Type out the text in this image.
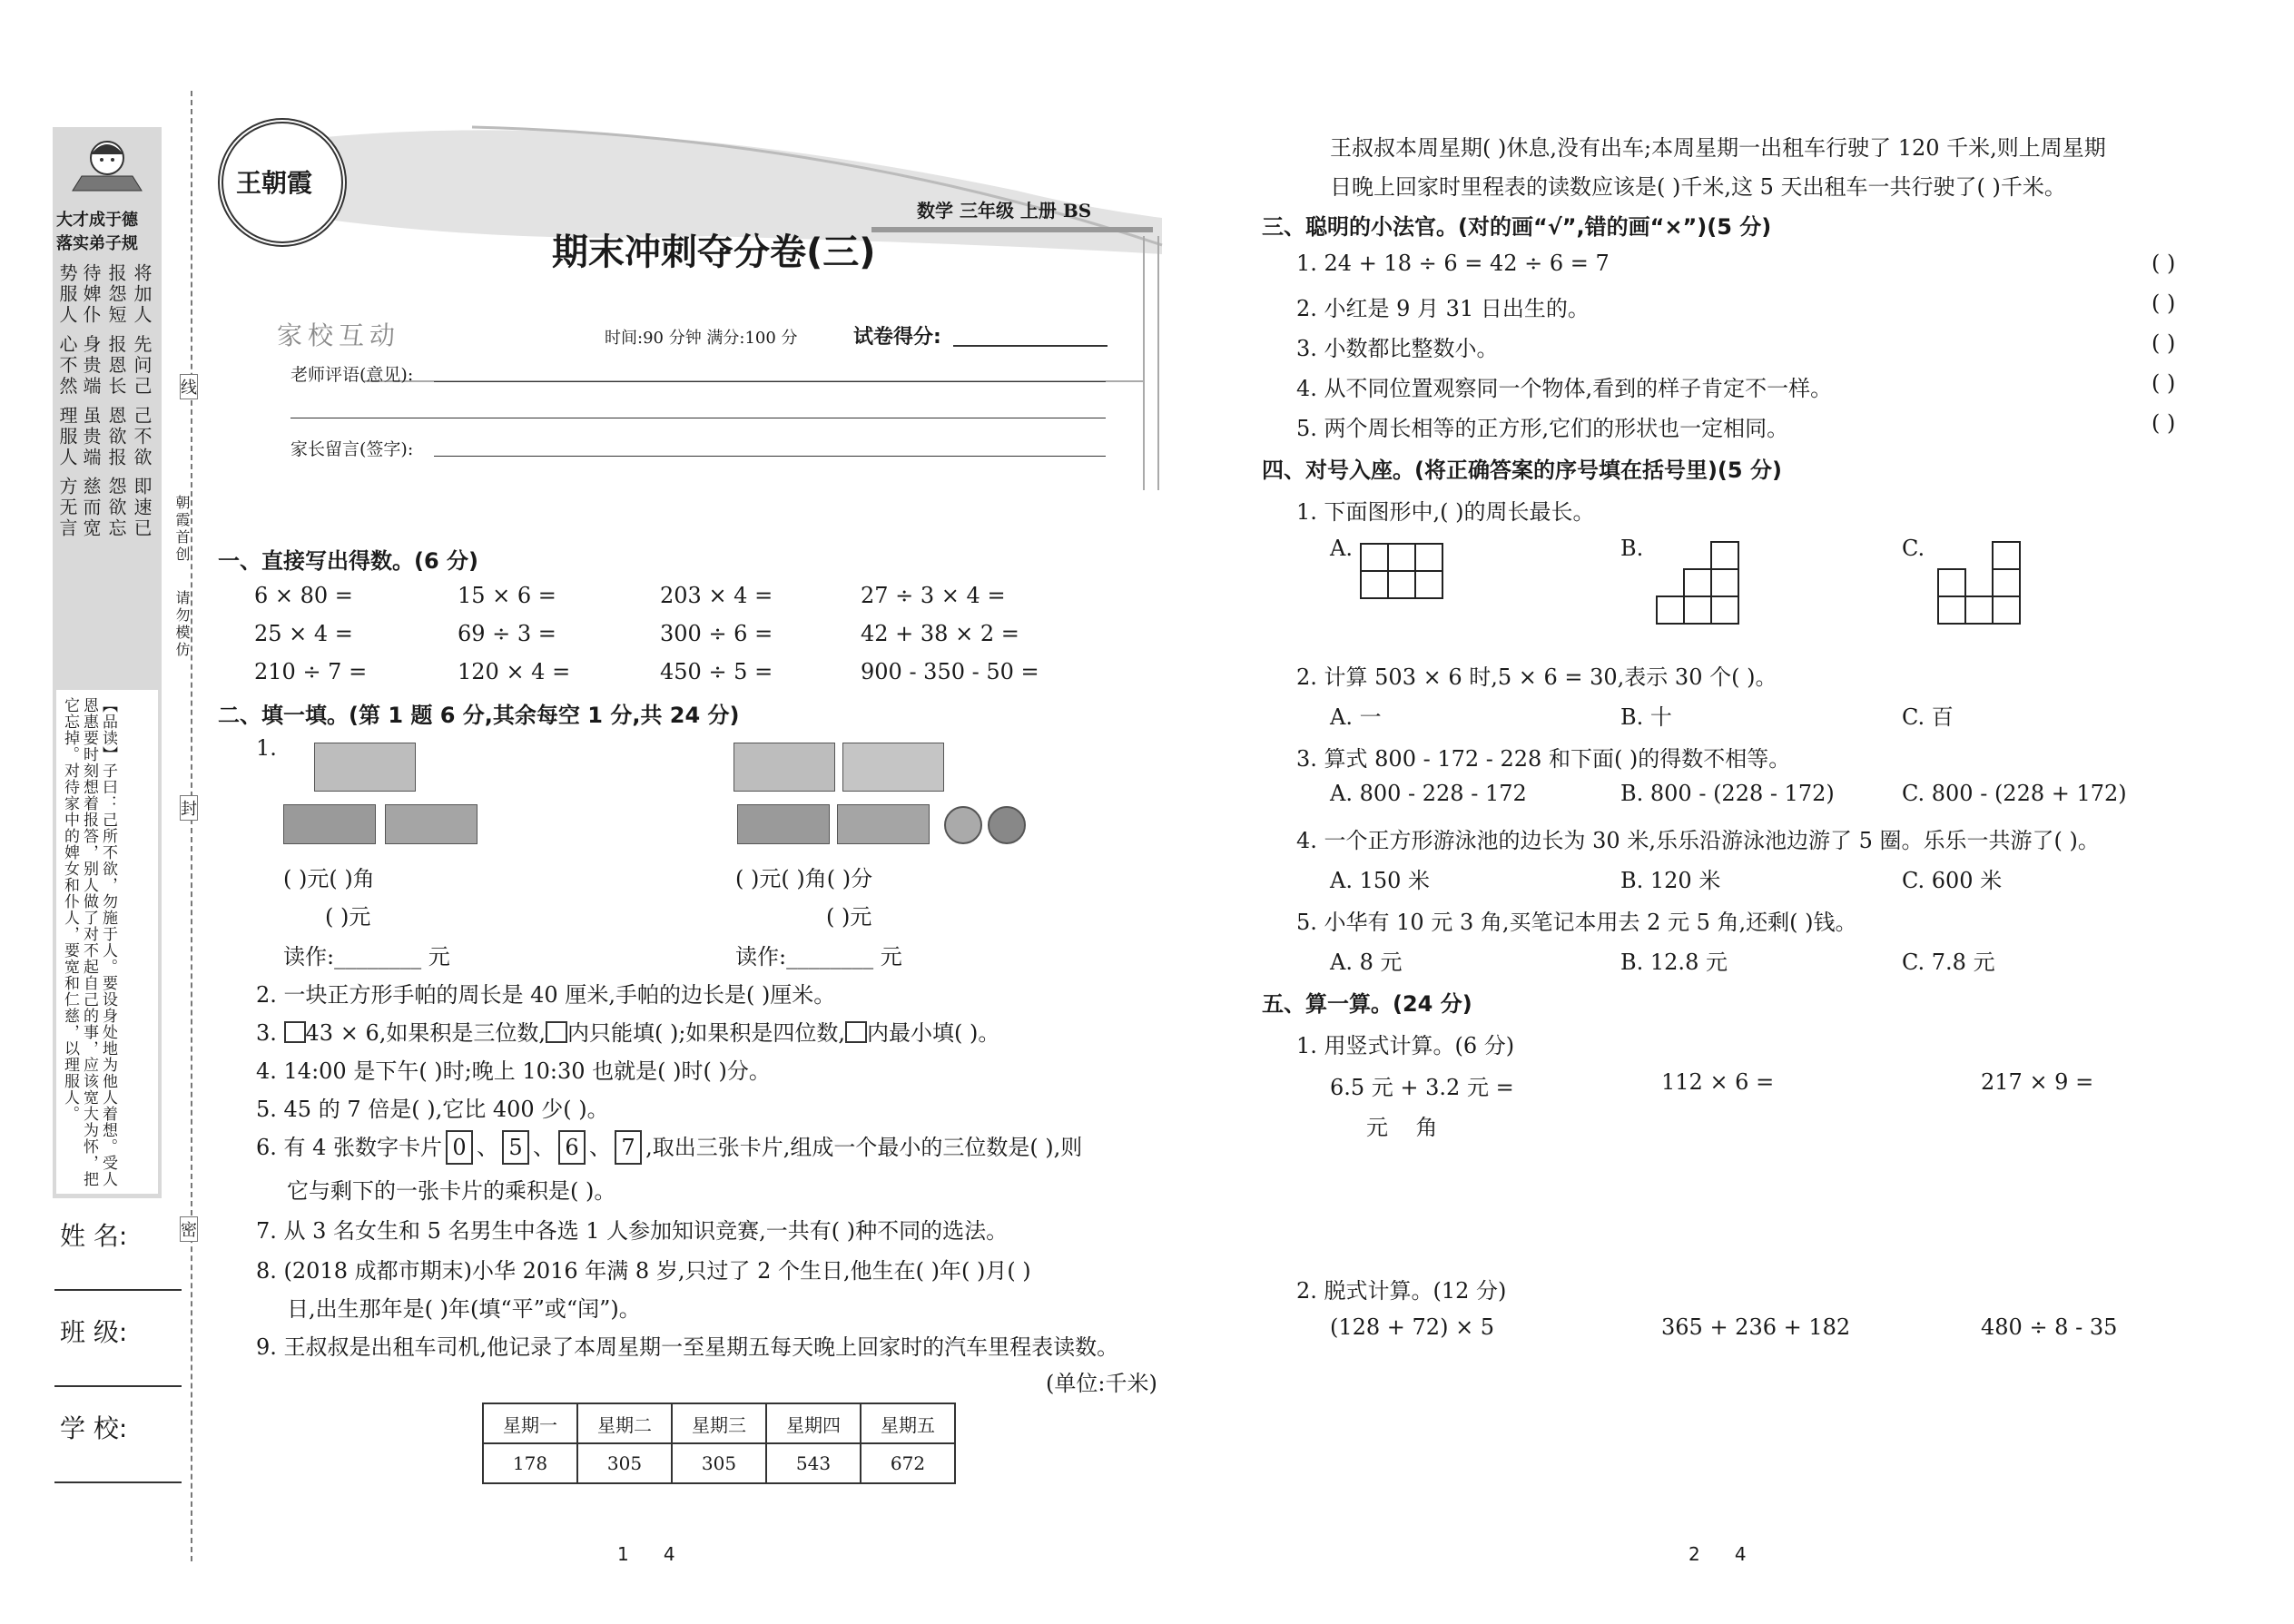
大才成于德
落实弟子规
将加人 先问己 己不欲 即速已
报怨短 报恩长 恩欲报 怨欲忘
待婢仆 身贵端 虽贵端 慈而宽
势服人 心不然 理服人 方无言
【品读】子曰：己所不欲，勿施于人。要设身处地为他人着想。受人恩惠要时刻想着报答，别人做了对不起自己的事，应该宽大为怀，把它忘掉。对待家中的婢女和仆人，要宽和仁慈，以理服人。
姓 名:
班 级:
学 校:
线
封
密
朝霞首创
请勿模仿
王朝霞
数学 三年级 上册 BS
期末冲刺夺分卷(三)
家校互动	时间:90 分钟 满分:100 分	试卷得分:
老师评语(意见):
家长留言(签字):
一、直接写出得数。(6 分)
6 × 80 =	15 × 6 =	203 × 4 =	27 ÷ 3 × 4 =
25 × 4 =	69 ÷ 3 =	300 ÷ 6 =	42 + 38 × 2 =
210 ÷ 7 =	120 × 4 =	450 ÷ 5 =	900 - 350 - 50 =
二、填一填。(第 1 题 6 分,其余每空 1 分,共 24 分)
1.
( )元( )角
( )元
读作:________ 元
( )元( )角( )分
( )元
读作:________ 元
2. 一块正方形手帕的周长是 40 厘米,手帕的边长是( )厘米。
3. 43 × 6,如果积是三位数, 内只能填( );如果积是四位数, 内最小填( )。
4. 14:00 是下午( )时;晚上 10:30 也就是( )时( )分。
5. 45 的 7 倍是( ),它比 400 少( )。
6. 有 4 张数字卡片 0 、 5 、 6 、 7 ,取出三张卡片,组成一个最小的三位数是( ),则
它与剩下的一张卡片的乘积是( )。
7. 从 3 名女生和 5 名男生中各选 1 人参加知识竞赛,一共有( )种不同的选法。
8. (2018 成都市期末)小华 2016 年满 8 岁,只过了 2 个生日,他生在( )年( )月( )
日,出生那年是( )年(填“平”或“闰”)。
9. 王叔叔是出租车司机,他记录了本周星期一至星期五每天晚上回家时的汽车里程表读数。
(单位:千米)
星期一	星期二	星期三	星期四	星期五
178	305	305	543	672
1      4
王叔叔本周星期( )休息,没有出车;本周星期一出租车行驶了 120 千米,则上周星期
日晚上回家时里程表的读数应该是( )千米,这 5 天出租车一共行驶了( )千米。
三、聪明的小法官。(对的画“√”,错的画“×”)(5 分)
1. 24 + 18 ÷ 6 = 42 ÷ 6 = 7
2. 小红是 9 月 31 日出生的。
3. 小数都比整数小。
4. 从不同位置观察同一个物体,看到的样子肯定不一样。
5. 两个周长相等的正方形,它们的形状也一定相同。
( )
( )
( )
( )
( )
四、对号入座。(将正确答案的序号填在括号里)(5 分)
1. 下面图形中,( )的周长最长。
A.	B.	C.
2. 计算 503 × 6 时,5 × 6 = 30,表示 30 个( )。
A. 一	B. 十	C. 百
3. 算式 800 - 172 - 228 和下面( )的得数不相等。
A. 800 - 228 - 172	B. 800 - (228 - 172)	C. 800 - (228 + 172)
4. 一个正方形游泳池的边长为 30 米,乐乐沿游泳池边游了 5 圈。乐乐一共游了( )。
A. 150 米	B. 120 米	C. 600 米
5. 小华有 10 元 3 角,买笔记本用去 2 元 5 角,还剩( )钱。
A. 8 元	B. 12.8 元	C. 7.8 元
五、算一算。(24 分)
1. 用竖式计算。(6 分)
6.5 元 + 3.2 元 =	112 × 6 =	217 × 9 =
元    角
2. 脱式计算。(12 分)
(128 + 72) × 5	365 + 236 + 182	480 ÷ 8 - 35
2      4
